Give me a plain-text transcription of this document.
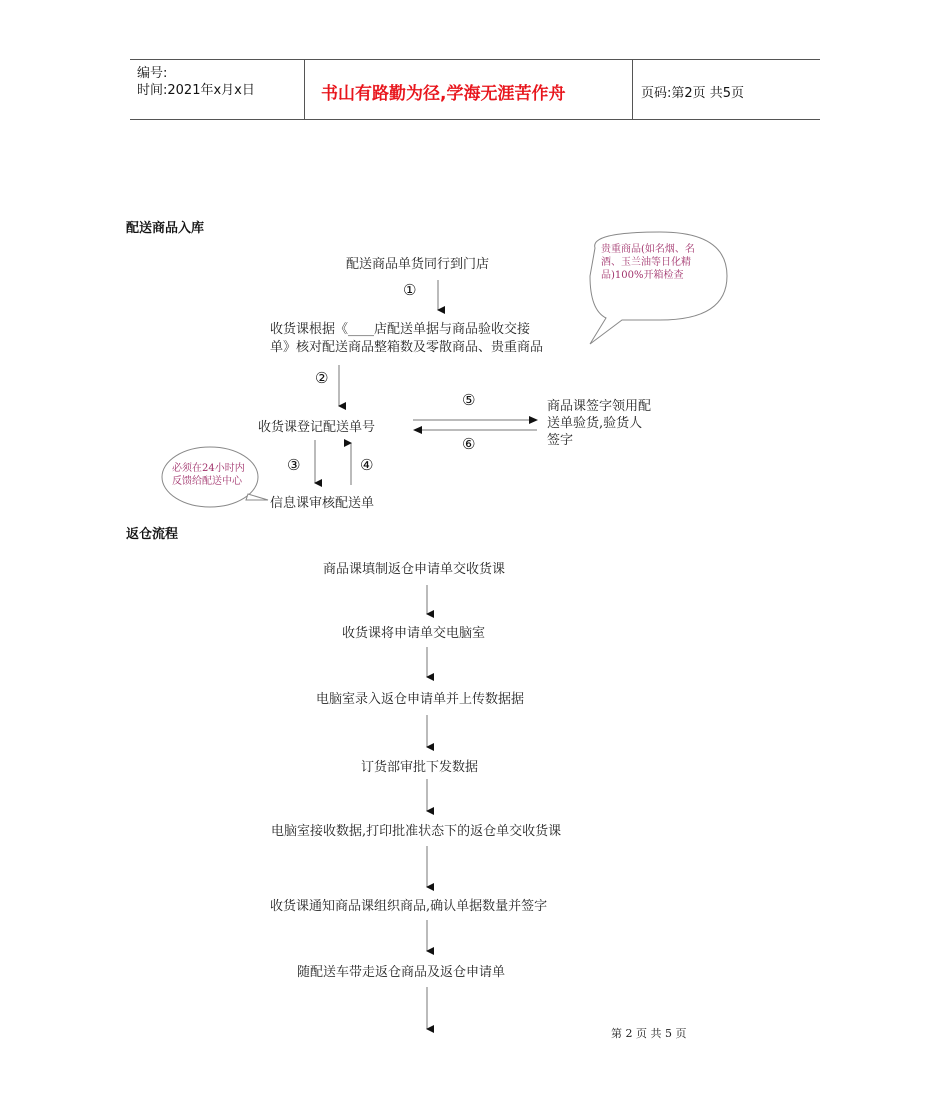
编号:
时间:2021年x月x日	书山有路勤为径,学海无涯苦作舟	页码:第2页 共5页
配送商品入库
配送商品单货同行到门店
①
贵重商品(如名烟、名
酒、玉兰油等日化精
品)100%开箱检查
收货课根据《____店配送单据与商品验收交接
单》核对配送商品整箱数及零散商品、贵重商品
②
⑤
收货课登记配送单号
商品课签字领用配
送单验货,验货人
签字
⑥
③	④
必须在24小时内
反馈给配送中心
信息课审核配送单
返仓流程
商品课填制返仓申请单交收货课
收货课将申请单交电脑室
电脑室录入返仓申请单并上传数据据
订货部审批下发数据
电脑室接收数据,打印批准状态下的返仓单交收货课
收货课通知商品课组织商品,确认单据数量并签字
随配送车带走返仓商品及返仓申请单
第 2 页 共 5 页
